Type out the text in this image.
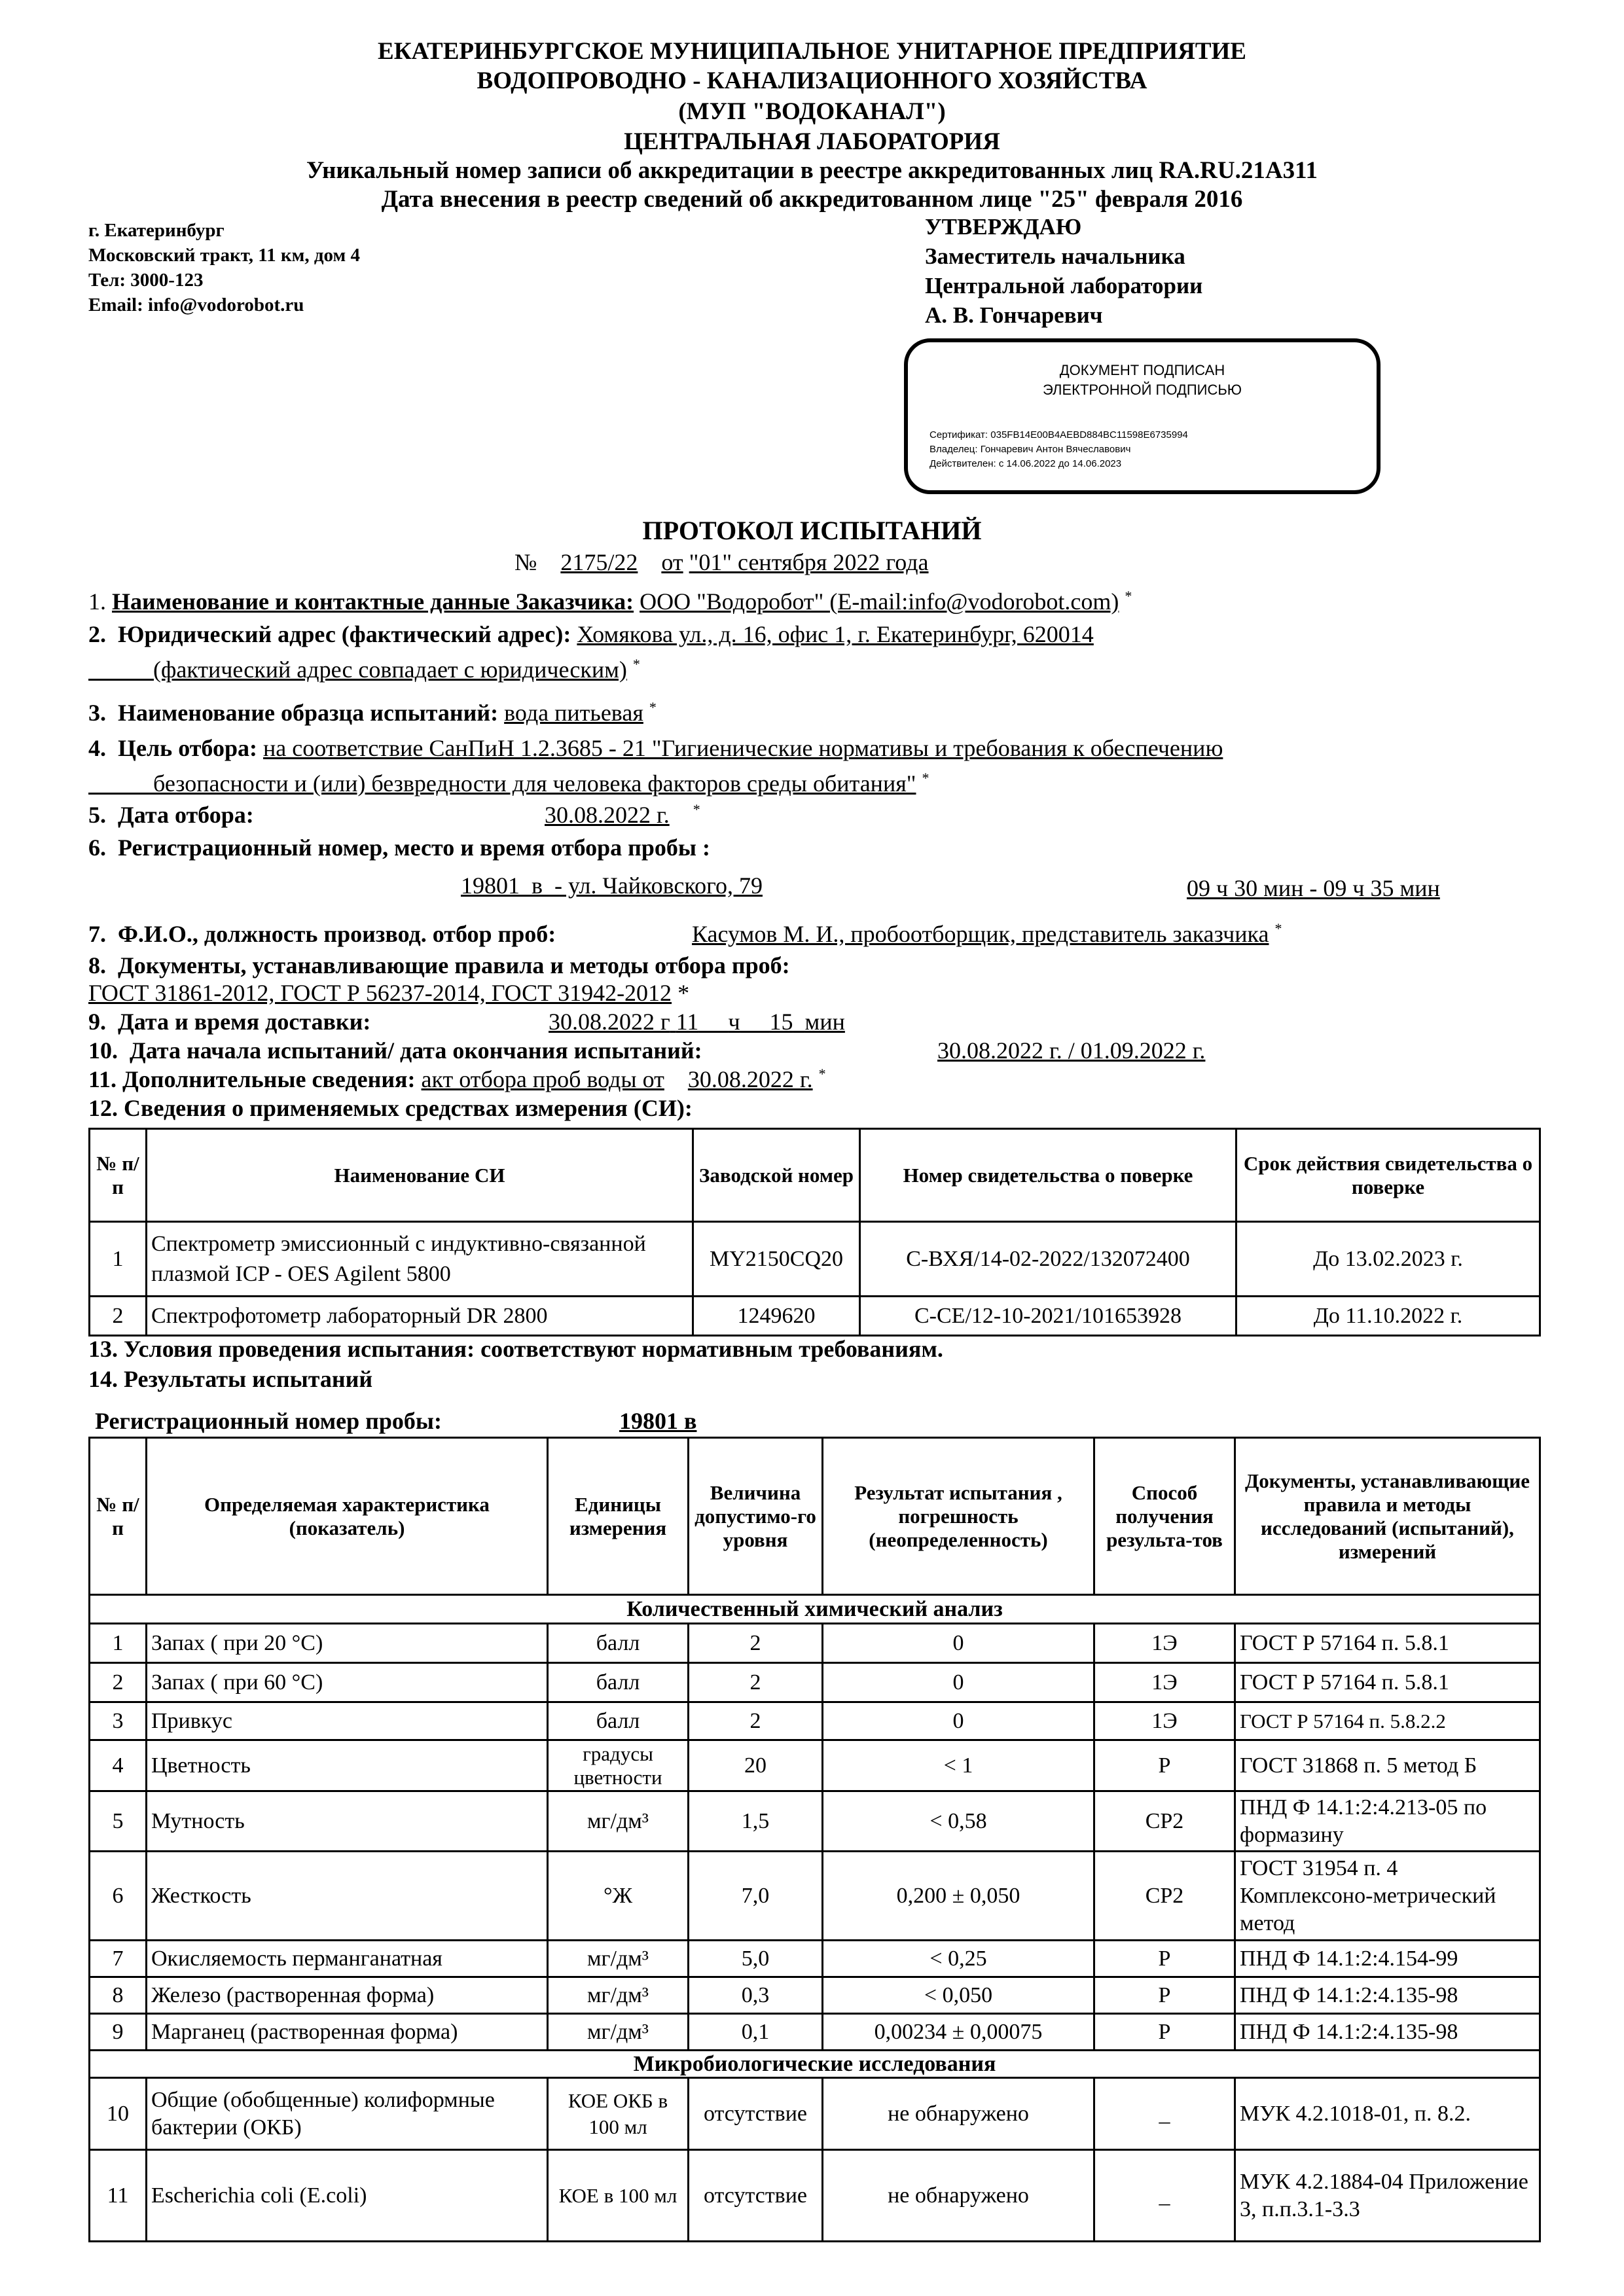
ЕКАТЕРИНБУРГСКОЕ МУНИЦИПАЛЬНОЕ УНИТАРНОЕ ПРЕДПРИЯТИЕ
ВОДОПРОВОДНО - КАНАЛИЗАЦИОННОГО ХОЗЯЙСТВА
(МУП "ВОДОКАНАЛ")
ЦЕНТРАЛЬНАЯ ЛАБОРАТОРИЯ
Уникальный номер записи об аккредитации в реестре аккредитованных лиц RA.RU.21A311
Дата внесения в реестр сведений об аккредитованном лице "25" февраля 2016
г. Екатеринбург
Московский тракт, 11 км, дом 4
Тел: 3000-123
Email: info@vodorobot.ru
УТВЕРЖДАЮ
Заместитель начальника
Центральной лаборатории
А. В. Гончаревич
ДОКУМЕНТ ПОДПИСАН
ЭЛЕКТРОННОЙ ПОДПИСЬЮ
Сертификат: 035FB14E00B4AEBD884BC11598E6735994
Владелец: Гончаревич Антон Вячеславович
Действителен: с 14.06.2022 до 14.06.2023
ПРОТОКОЛ ИСПЫТАНИЙ
№ 2175/22 от "01" сентября 2022 года
1. Наименование и контактные данные Заказчика: ООО "Водоробот" (E-mail:info@vodorobot.com) *
2. Юридический адрес (фактический адрес): Хомякова ул., д. 16, офис 1, г. Екатеринбург, 620014
(фактический адрес совпадает с юридическим) *
3. Наименование образца испытаний: вода питьевая *
4. Цель отбора: на соответствие СанПиН 1.2.3685 - 21 "Гигиенические нормативы и требования к обеспечению
безопасности и (или) безвредности для человека факторов среды обитания" *
5. Дата отбора:	30.08.2022 г. *
6. Регистрационный номер, место и время отбора пробы :
19801 в - ул. Чайковского, 79	09 ч 30 мин - 09 ч 35 мин
7. Ф.И.О., должность производ. отбор проб:	Касумов М. И., пробоотборщик, представитель заказчика *
8. Документы, устанавливающие правила и методы отбора проб:
ГОСТ 31861-2012, ГОСТ Р 56237-2014, ГОСТ 31942-2012 *
9. Дата и время доставки:	30.08.2022 г 11 ч 15 мин
10. Дата начала испытаний/ дата окончания испытаний:	30.08.2022 г. / 01.09.2022 г.
11. Дополнительные сведения: акт отбора проб воды от 30.08.2022 г. *
12. Сведения о применяемых средствах измерения (СИ):
№ п/п	Наименование СИ	Заводской номер	Номер свидетельства о поверке	Срок действия свидетельства о поверке
1	Спектрометр эмиссионный с индуктивно-связанной плазмой ICP - OES Agilent 5800	MY2150CQ20	С-ВХЯ/14-02-2022/132072400	До 13.02.2023 г.
2	Спектрофотометр лабораторный DR 2800	1249620	С-СЕ/12-10-2021/101653928	До 11.10.2022 г.
13. Условия проведения испытания: соответствуют нормативным требованиям.
14. Результаты испытаний
Регистрационный номер пробы:	19801 в
№ п/п	Определяемая характеристика (показатель)	Единицы измерения	Величина допустимо-го уровня	Результат испытания , погрешность (неопределенность)	Способ получения результа-тов	Документы, устанавливающие правила и методы исследований (испытаний), измерений
Количественный химический анализ						
1	Запах ( при 20 °С)	балл	2	0	1Э	ГОСТ Р 57164 п. 5.8.1
2	Запах ( при 60 °С)	балл	2	0	1Э	ГОСТ Р 57164 п. 5.8.1
3	Привкус	балл	2	0	1Э	ГОСТ Р 57164 п. 5.8.2.2
4	Цветность	градусы цветности	20	< 1	Р	ГОСТ 31868 п. 5 метод Б
5	Мутность	мг/дм³	1,5	< 0,58	СР2	ПНД Ф 14.1:2:4.213-05 по формазину
6	Жесткость	°Ж	7,0	0,200 ± 0,050	СР2	ГОСТ 31954 п. 4 Комплексоно-метрический метод
7	Окисляемость перманганатная	мг/дм³	5,0	< 0,25	Р	ПНД Ф 14.1:2:4.154-99
8	Железо (растворенная форма)	мг/дм³	0,3	< 0,050	Р	ПНД Ф 14.1:2:4.135-98
9	Марганец (растворенная форма)	мг/дм³	0,1	0,00234 ± 0,00075	Р	ПНД Ф 14.1:2:4.135-98
Микробиологические исследования						
10	Общие (обобщенные) колиформные бактерии (ОКБ)	КОЕ ОКБ в 100 мл	отсутствие	не обнаружено	_	МУК 4.2.1018-01, п. 8.2.
11	Escherichia coli (E.coli)	КОЕ в 100 мл	отсутствие	не обнаружено	_	МУК 4.2.1884-04 Приложение 3, п.п.3.1-3.3
